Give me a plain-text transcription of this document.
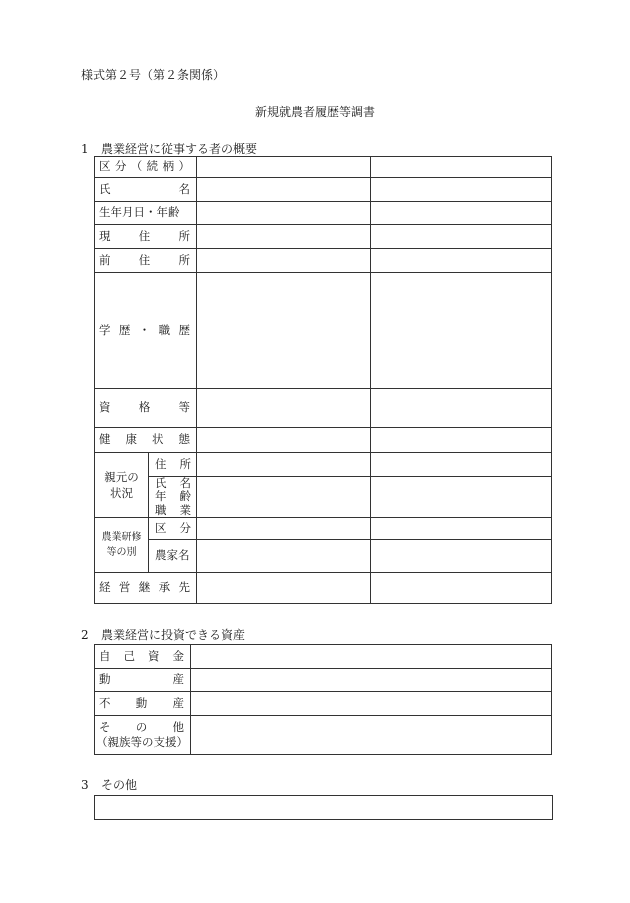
様式第２号（第２条関係）
新規就農者履歴等調書
1 農業経営に従事する者の概要
区 分 （ 続 柄 ）
氏	名
生年月日・年齢
現 住 所
前 住 所
学 歴 ・ 職 歴
資 格 等
健 康 状 態
親元の
状況
住 所
氏 名
年 齢
職 業
農業研修
等の別
区 分
農家名
経 営 継 承 先
2 農業経営に投資できる資産
自 己 資 金
動	産
不 動 産
そ の 他
（親族等の支援）
3 その他
